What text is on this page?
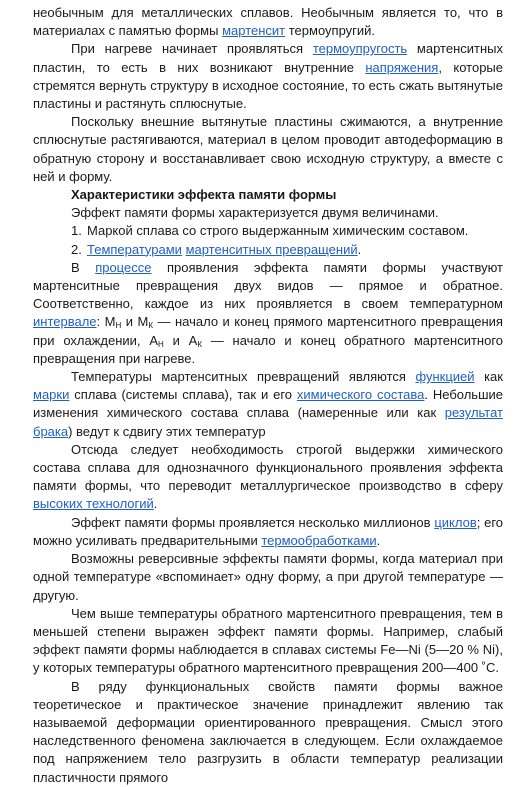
необычным для металлических сплавов. Необычным является то, что в материалах с памятью формы мартенсит термоупругий.

При нагреве начинает проявляться термоупругость мартенситных пластин, то есть в них возникают внутренние напряжения, которые стремятся вернуть структуру в исходное состояние, то есть сжать вытянутые пластины и растянуть сплюснутые.

Поскольку внешние вытянутые пластины сжимаются, а внутренние сплюснутые растягиваются, материал в целом проводит автодеформацию в обратную сторону и восстанавливает свою исходную структуру, а вместе с ней и форму.

Характеристики эффекта памяти формы

Эффект памяти формы характеризуется двумя величинами.

1. Маркой сплава со строго выдержанным химическим составом.

2. Температурами мартенситных превращений.

В процессе проявления эффекта памяти формы участвуют мартенситные превращения двух видов — прямое и обратное. Соответственно, каждое из них проявляется в своем температурном интервале: $M_Н$ и $M_К$ — начало и конец прямого мартенситного превращения при охлаждении, $A_Н$ и $A_К$ — начало и конец обратного мартенситного превращения при нагреве.

Температуры мартенситных превращений являются функцией как марки сплава (системы сплава), так и его химического состава. Небольшие изменения химического состава сплава (намеренные или как результат брака) ведут к сдвигу этих температур

Отсюда следует необходимость строгой выдержки химического состава сплава для однозначного функционального проявления эффекта памяти формы, что переводит металлургическое производство в сферу высоких технологий.

Эффект памяти формы проявляется несколько миллионов циклов; его можно усиливать предварительными термообработками.

Возможны реверсивные эффекты памяти формы, когда материал при одной температуре «вспоминает» одну форму, а при другой температуре — другую.

Чем выше температуры обратного мартенситного превращения, тем в меньшей степени выражен эффект памяти формы. Например, слабый эффект памяти формы наблюдается в сплавах системы Fe—Ni (5—20 % Ni), у которых температуры обратного мартенситного превращения 200—400 ˚C.

В ряду функциональных свойств памяти формы важное теоретическое и практическое значение принадлежит явлению так называемой деформации ориентированного превращения. Смысл этого наследственного феномена заключается в следующем. Если охлаждаемое под напряжением тело разгрузить в области температур реализации пластичности прямого
